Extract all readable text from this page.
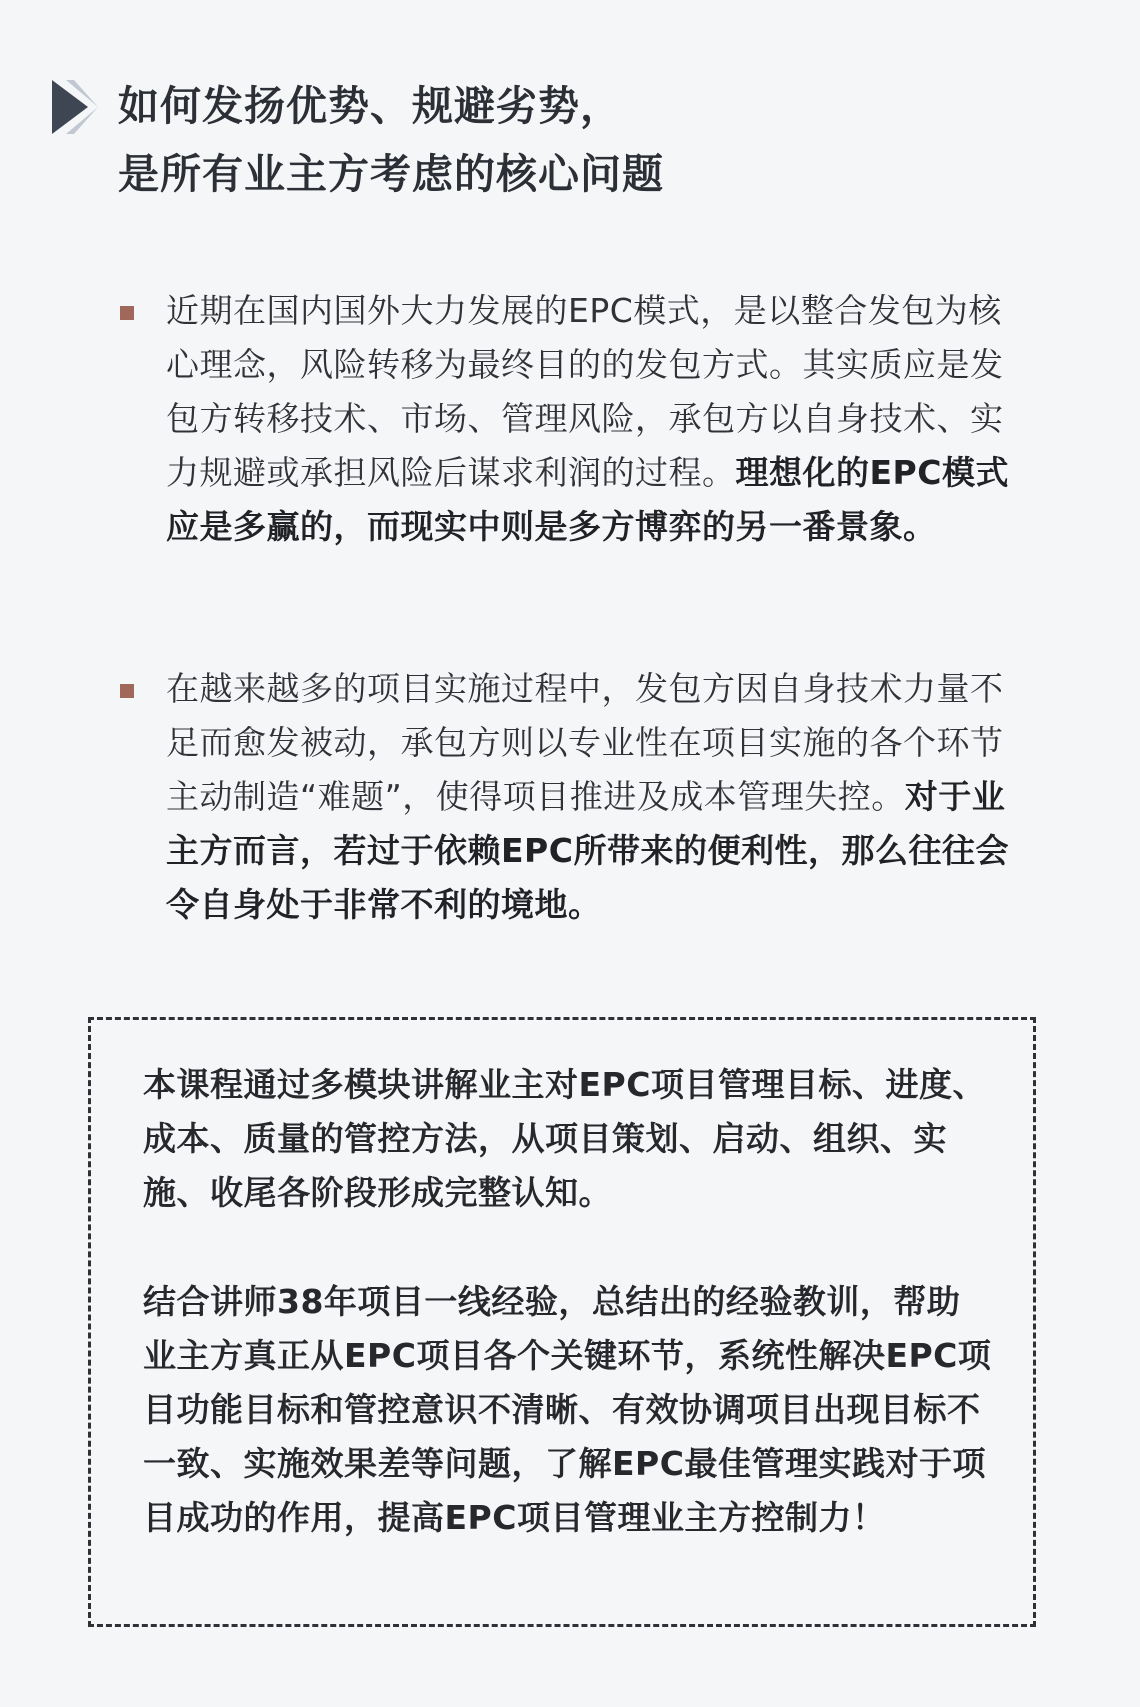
如何发扬优势、规避劣势，
是所有业主方考虑的核心问题
近期在国内国外大力发展的EPC模式，是以整合发包为核心理念，风险转移为最终目的的发包方式。其实质应是发包方转移技术、市场、管理风险，承包方以自身技术、实力规避或承担风险后谋求利润的过程。理想化的EPC模式应是多赢的，而现实中则是多方博弈的另一番景象。
在越来越多的项目实施过程中，发包方因自身技术力量不足而愈发被动，承包方则以专业性在项目实施的各个环节主动制造“难题”，使得项目推进及成本管理失控。对于业主方而言，若过于依赖EPC所带来的便利性，那么往往会令自身处于非常不利的境地。
本课程通过多模块讲解业主对EPC项目管理目标、进度、成本、质量的管控方法，从项目策划、启动、组织、实施、收尾各阶段形成完整认知。
结合讲师38年项目一线经验，总结出的经验教训，帮助业主方真正从EPC项目各个关键环节，系统性解决EPC项目功能目标和管控意识不清晰、有效协调项目出现目标不一致、实施效果差等问题，了解EPC最佳管理实践对于项目成功的作用，提高EPC项目管理业主方控制力！
